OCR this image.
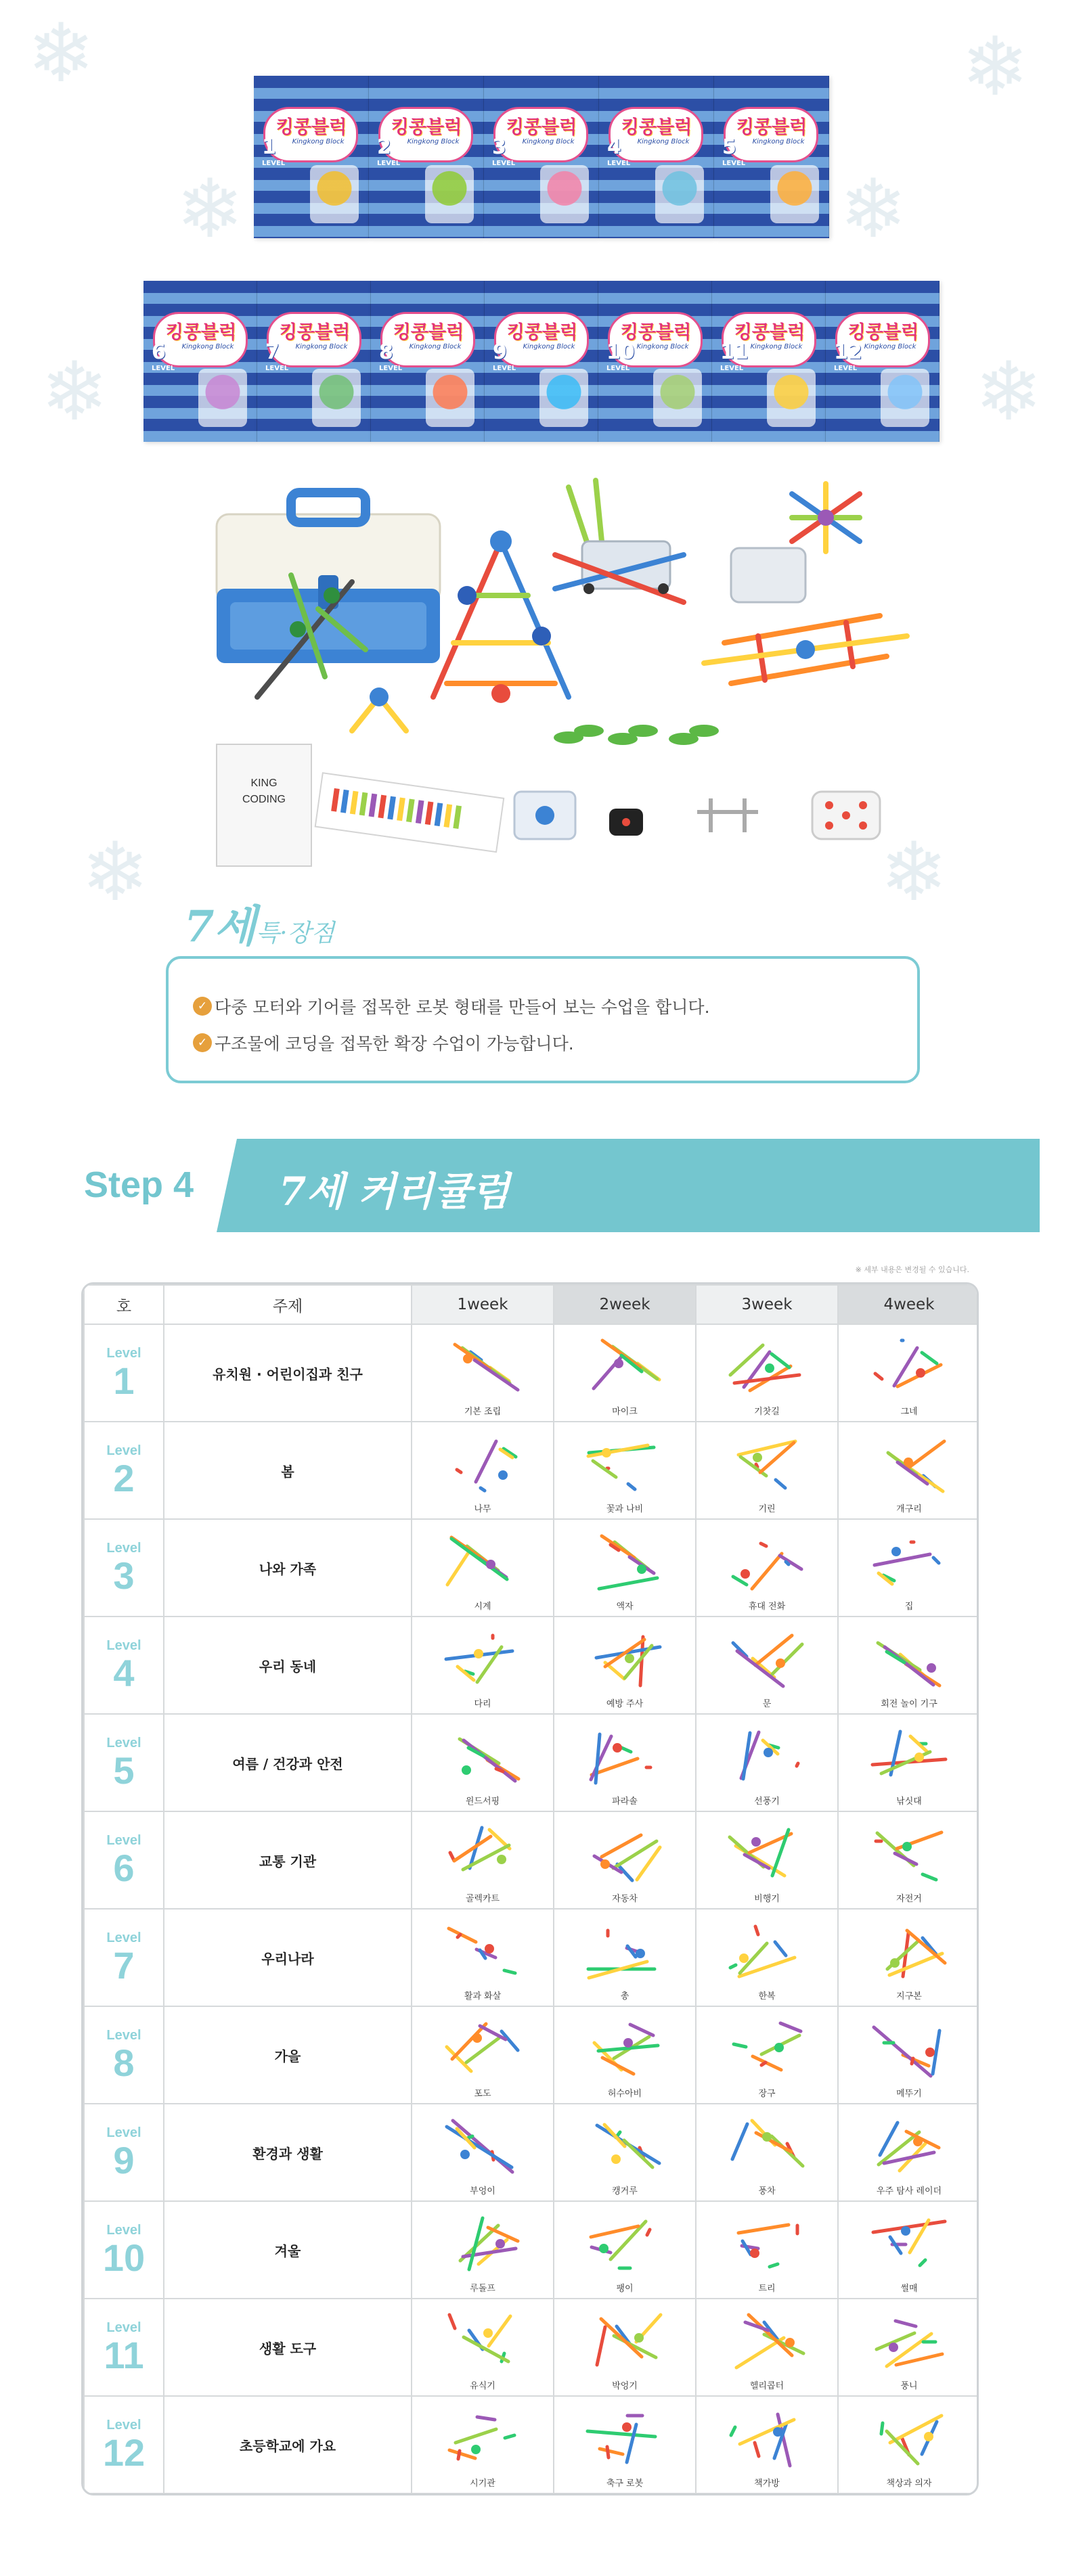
❄	❄
❄	❄
❄	❄
❄
❄
킹콩블럭
Kingkong Block
1
LEVEL
킹콩블럭
Kingkong Block
2
LEVEL
킹콩블럭
Kingkong Block
3
LEVEL
킹콩블럭
Kingkong Block
4
LEVEL
킹콩블럭
Kingkong Block
5
LEVEL
킹콩블럭
Kingkong Block
6
LEVEL
킹콩블럭
Kingkong Block
7
LEVEL
킹콩블럭
Kingkong Block
8
LEVEL
킹콩블럭
Kingkong Block
9
LEVEL
킹콩블럭
Kingkong Block
10
LEVEL
킹콩블럭
Kingkong Block
11
LEVEL
킹콩블럭
Kingkong Block
12
LEVEL
KING
CODING
7세특·장점
✓ 다중 모터와 기어를 접목한 로봇 형태를 만들어 보는 수업을 합니다.
✓ 구조물에 코딩을 접목한 확장 수업이 가능합니다.
Step 4 7세 커리큘럼
※ 세부 내용은 변경될 수 있습니다.
호	주제	1week	2week	3week	4week

Level
1	유치원 · 어린이집과 친구	기본 조립	마이크	기찻길	그네

Level
2	봄	나무	꽃과 나비	기린	개구리

Level
3	나와 가족	시계	액자	휴대 전화	집

Level
4	우리 동네	다리	예방 주사	문	회전 놀이 기구

Level
5	여름 / 건강과 안전	윈드서핑	파라솔	선풍기	낚싯대

Level
6	교통 기관	골렉카트	자동차	비행기	자전거

Level
7	우리나라	활과 화살	총	한복	지구본

Level
8	가을	포도	허수아비	장구	메뚜기

Level
9	환경과 생활	부엉이	캥거루	풍차	우주 탐사 레이더

Level
10	겨울	루돌프	팽이	트리	썰매

Level
11	생활 도구	유식기	박엉기	헬리콥터	풍니

Level
12	초등학교에 가요	시기관	축구 로봇	책가방	책상과 의자
